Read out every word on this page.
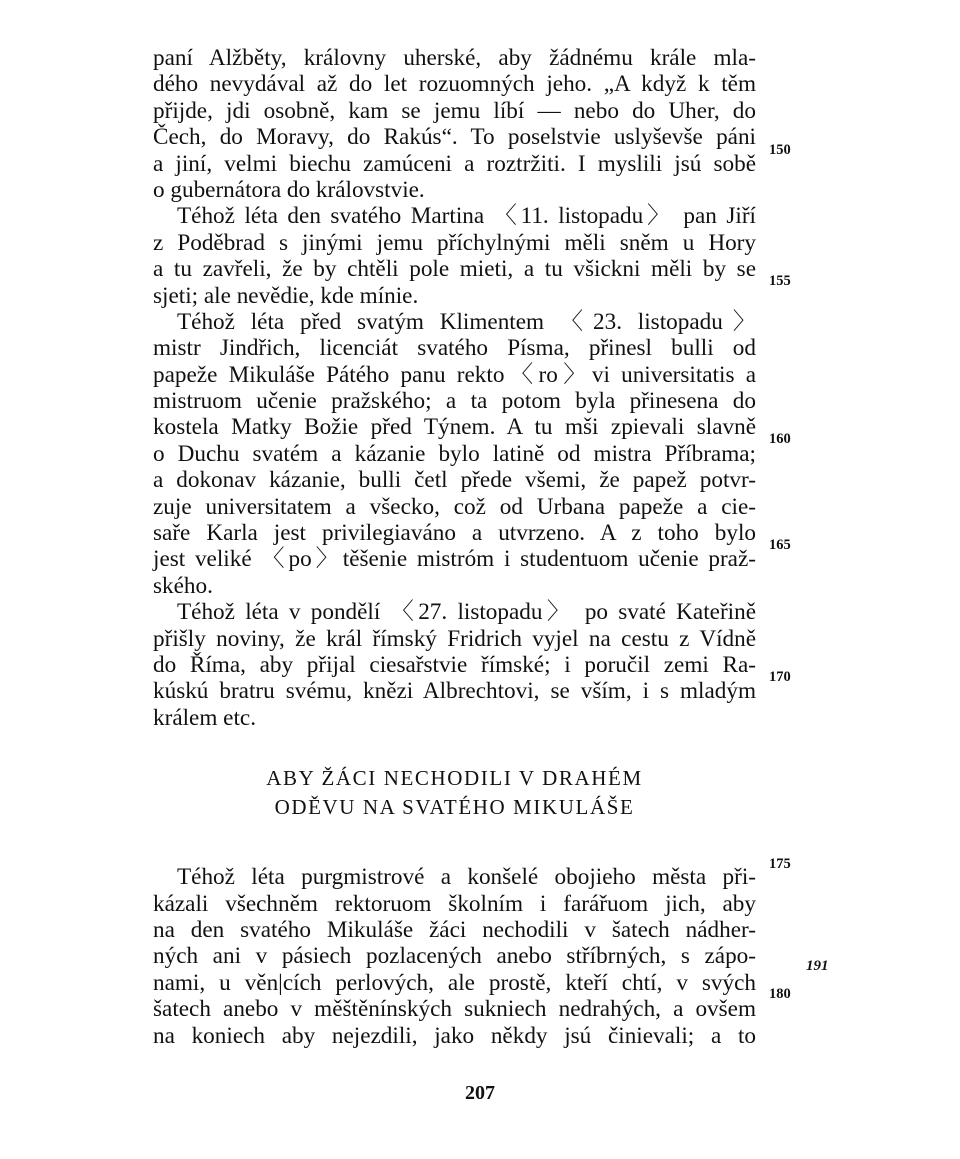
paní Alžběty, královny uherské, aby žádnému krále mla-
dého nevydával až do let rozuomných jeho. „A když k těm
přijde, jdi osobně, kam se jemu líbí — nebo do Uher, do
Čech, do Moravy, do Rakús“. To poselstvie uslyševše páni
a jiní, velmi biechu zamúceni a roztržiti. I myslili jsú sobě
o gubernátora do královstvie.
Téhož léta den svatého Martina 〈11. listopadu〉 pan Jiří
z Poděbrad s jinými jemu příchylnými měli sněm u Hory
a tu zavřeli, že by chtěli pole mieti, a tu všickni měli by se
sjeti; ale nevědie, kde mínie.
Téhož léta před svatým Klimentem 〈23. listopadu〉
mistr Jindřich, licenciát svatého Písma, přinesl bulli od
papeže Mikuláše Pátého panu rekto〈ro〉vi universitatis a
mistruom učenie pražského; a ta potom byla přinesena do
kostela Matky Božie před Týnem. A tu mši zpievali slavně
o Duchu svatém a kázanie bylo latině od mistra Příbrama;
a dokonav kázanie, bulli četl přede všemi, že papež potvr-
zuje universitatem a všecko, což od Urbana papeže a cie-
saře Karla jest privilegiaváno a utvrzeno. A z toho bylo
jest veliké 〈po〉těšenie mistróm i studentuom učenie praž-
ského.
Téhož léta v pondělí 〈27. listopadu〉 po svaté Kateřině
přišly noviny, že král římský Fridrich vyjel na cestu z Vídně
do Říma, aby přijal ciesařstvie římské; i poručil zemi Ra-
kúskú bratru svému, knězi Albrechtovi, se vším, i s mladým
králem etc.
ABY ŽÁCI NECHODILI V DRAHÉM
ODĚVU NA SVATÉHO MIKULÁŠE
Téhož léta purgmistrové a konšelé obojieho města při-
kázali všechněm rektoruom školním i farářuom jich, aby
na den svatého Mikuláše žáci nechodili v šatech nádher-
ných ani v pásiech pozlacených anebo stříbrných, s zápo-
nami, u věn|cích perlových, ale prostě, kteří chtí, v svých
šatech anebo v měštěnínských sukniech nedrahých, a ovšem
na koniech aby nejezdili, jako někdy jsú činievali; a to
150
155
160
165
170
175
180
191
207
